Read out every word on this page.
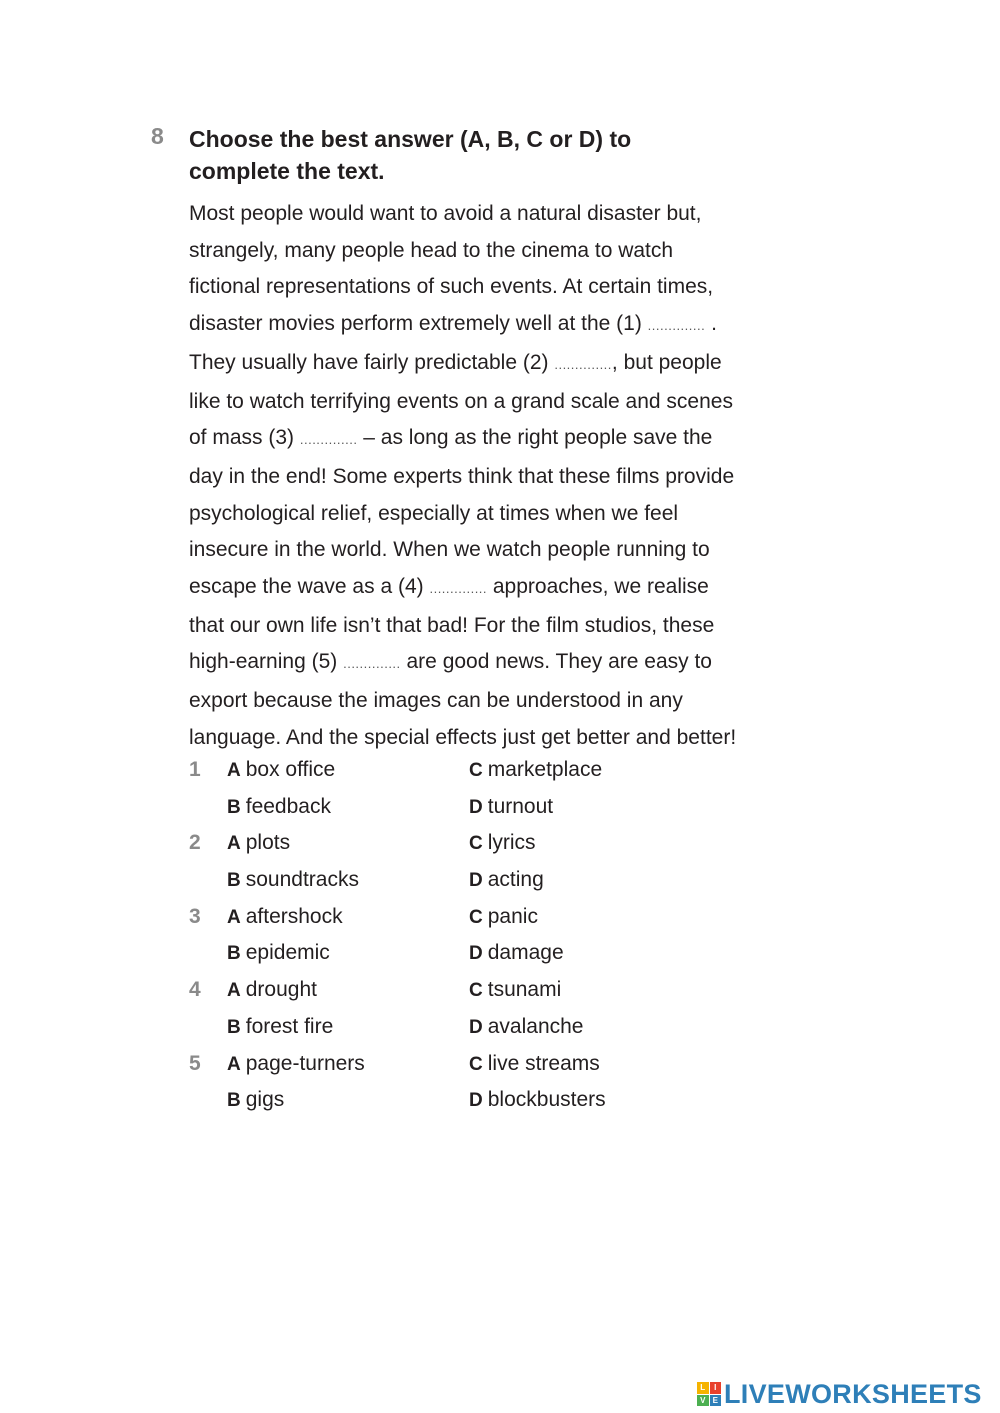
8 Choose the best answer (A, B, C or D) to
complete the text.
Most people would want to avoid a natural disaster but,
strangely, many people head to the cinema to watch
fictional representations of such events. At certain times,
disaster movies perform extremely well at the (1) .............. .
They usually have fairly predictable (2) .............., but people
like to watch terrifying events on a grand scale and scenes
of mass (3) .............. – as long as the right people save the
day in the end! Some experts think that these films provide
psychological relief, especially at times when we feel
insecure in the world. When we watch people running to
escape the wave as a (4) .............. approaches, we realise
that our own life isn’t that bad! For the film studios, these
high-earning (5) .............. are good news. They are easy to
export because the images can be understood in any
language. And the special effects just get better and better!
1 A box office	C marketplace
B feedback	D turnout
2 A plots	C lyrics
B soundtracks	D acting
3 A aftershock	C panic
B epidemic	D damage
4 A drought	C tsunami
B forest fire	D avalanche
5 A page-turners	C live streams
B gigs	D blockbusters
L	I
V E LIVEWORKSHEETS
